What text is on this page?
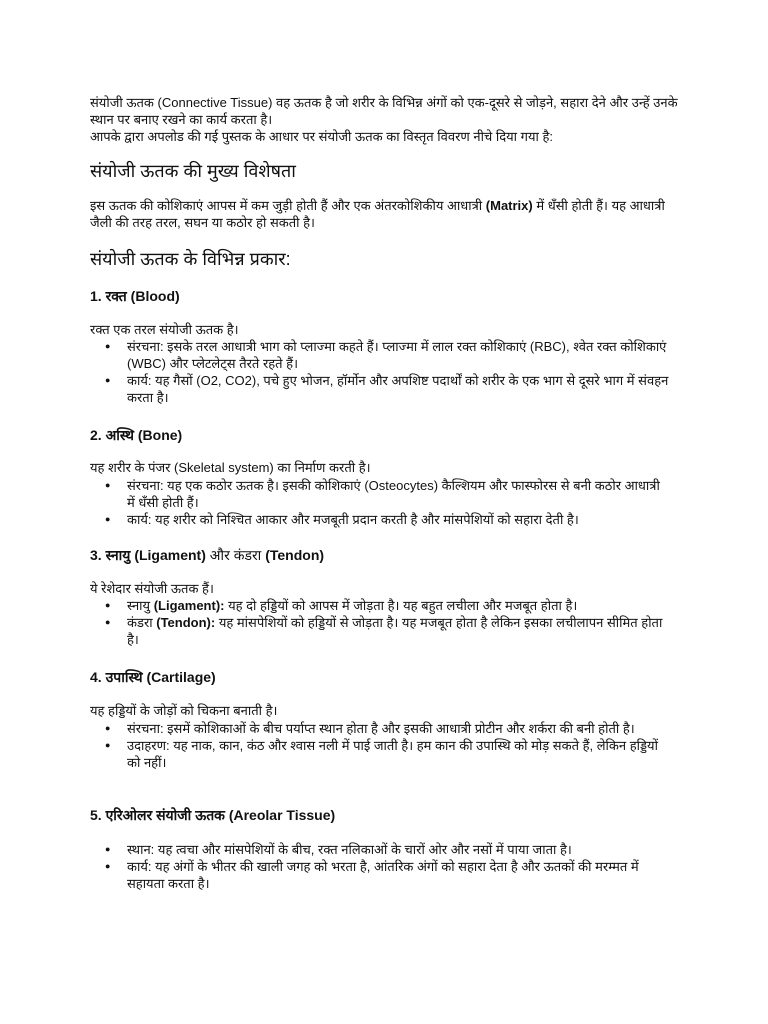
संयोजी ऊतक (Connective Tissue) वह ऊतक है जो शरीर के विभिन्न अंगों को एक-दूसरे से जोड़ने, सहारा देने और उन्हें उनके स्थान पर बनाए रखने का कार्य करता है।

आपके द्वारा अपलोड की गई पुस्तक के आधार पर संयोजी ऊतक का विस्तृत विवरण नीचे दिया गया है:

संयोजी ऊतक की मुख्य विशेषता

इस ऊतक की कोशिकाएं आपस में कम जुड़ी होती हैं और एक अंतरकोशिकीय आधात्री (Matrix) में धँसी होती हैं। यह आधात्री जैली की तरह तरल, सघन या कठोर हो सकती है।

संयोजी ऊतक के विभिन्न प्रकार:
1. रक्त (Blood)

रक्त एक तरल संयोजी ऊतक है।

● संरचना: इसके तरल आधात्री भाग को प्लाज्मा कहते हैं। प्लाज्मा में लाल रक्त कोशिकाएं (RBC), श्वेत रक्त कोशिकाएं (WBC) और प्लेटलेट्स तैरते रहते हैं।
● कार्य: यह गैसों (O2, CO2), पचे हुए भोजन, हॉर्मोन और अपशिष्ट पदार्थों को शरीर के एक भाग से दूसरे भाग में संवहन करता है।
2. अस्थि (Bone)

यह शरीर के पंजर (Skeletal system) का निर्माण करती है।

● संरचना: यह एक कठोर ऊतक है। इसकी कोशिकाएं (Osteocytes) कैल्शियम और फास्फोरस से बनी कठोर आधात्री में धँसी होती हैं।
● कार्य: यह शरीर को निश्चित आकार और मजबूती प्रदान करती है और मांसपेशियों को सहारा देती है।
3. स्नायु (Ligament) और कंडरा (Tendon)

ये रेशेदार संयोजी ऊतक हैं।

● स्नायु (Ligament): यह दो हड्डियों को आपस में जोड़ता है। यह बहुत लचीला और मजबूत होता है।
● कंडरा (Tendon): यह मांसपेशियों को हड्डियों से जोड़ता है। यह मजबूत होता है लेकिन इसका लचीलापन सीमित होता है।
4. उपास्थि (Cartilage)

यह हड्डियों के जोड़ों को चिकना बनाती है।

● संरचना: इसमें कोशिकाओं के बीच पर्याप्त स्थान होता है और इसकी आधात्री प्रोटीन और शर्करा की बनी होती है।
● उदाहरण: यह नाक, कान, कंठ और श्वास नली में पाई जाती है। हम कान की उपास्थि को मोड़ सकते हैं, लेकिन हड्डियों को नहीं।
5. एरिओलर संयोजी ऊतक (Areolar Tissue)
● स्थान: यह त्वचा और मांसपेशियों के बीच, रक्त नलिकाओं के चारों ओर और नसों में पाया जाता है।
● कार्य: यह अंगों के भीतर की खाली जगह को भरता है, आंतरिक अंगों को सहारा देता है और ऊतकों की मरम्मत में सहायता करता है।
